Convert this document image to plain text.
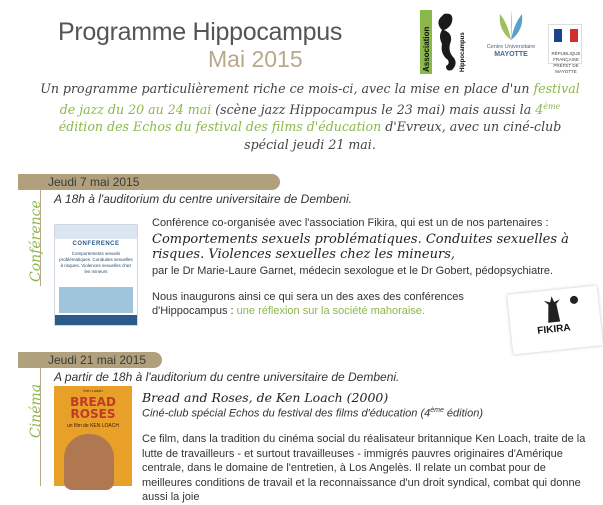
Programme Hippocampus
Mai 2015	Association	Hippocampus	Centre Universitaire
MAYOTTE	RÉPUBLIQUE FRANÇAISE
PRÉFET DE MAYOTTE
Un programme particulièrement riche ce mois-ci, avec la mise en place d'un festival de jazz du 20 au 24 mai (scène jazz Hippocampus le 23 mai) mais aussi la 4ème édition des Echos du festival des films d'éducation d'Evreux, avec un ciné-club spécial jeudi 21 mai.
Jeudi 7 mai 2015
Conférence
A 18h à l'auditorium du centre universitaire de Dembeni.
CONFERENCE
Comportements sexuels problématiques. Conduites sexuelles à risques. Violences sexuelles chez les mineurs
Conférence co-organisée avec l'association Fikira, qui est un de nos partenaires :
Comportements sexuels problématiques. Conduites sexuelles à
risques. Violences sexuelles chez les mineurs,
par le Dr Marie-Laure Garnet, médecin sexologue et le Dr Gobert, pédopsychiatre.
Nous inaugurons ainsi ce qui sera un des axes des conférences
d'Hippocampus : une réflexion sur la société mahoraise.
FIKIRA
Jeudi 21 mai 2015
Cinéma
A partir de 18h à l'auditorium du centre universitaire de Dembeni.
Ken Loach
BREAD
ROSES
un film de KEN LOACH
Bread and Roses, de Ken Loach (2000)
Ciné-club spécial Echos du festival des films d'éducation (4ème édition)
Ce film, dans la tradition du cinéma social du réalisateur britannique Ken Loach, traite de la lutte de travailleurs - et surtout travailleuses - immigrés pauvres originaires d'Amérique centrale, dans le domaine de l'entretien, à Los Angelès. Il relate un combat pour de meilleures conditions de travail et la reconnaissance d'un droit syndical, combat qui donne aussi la joie
